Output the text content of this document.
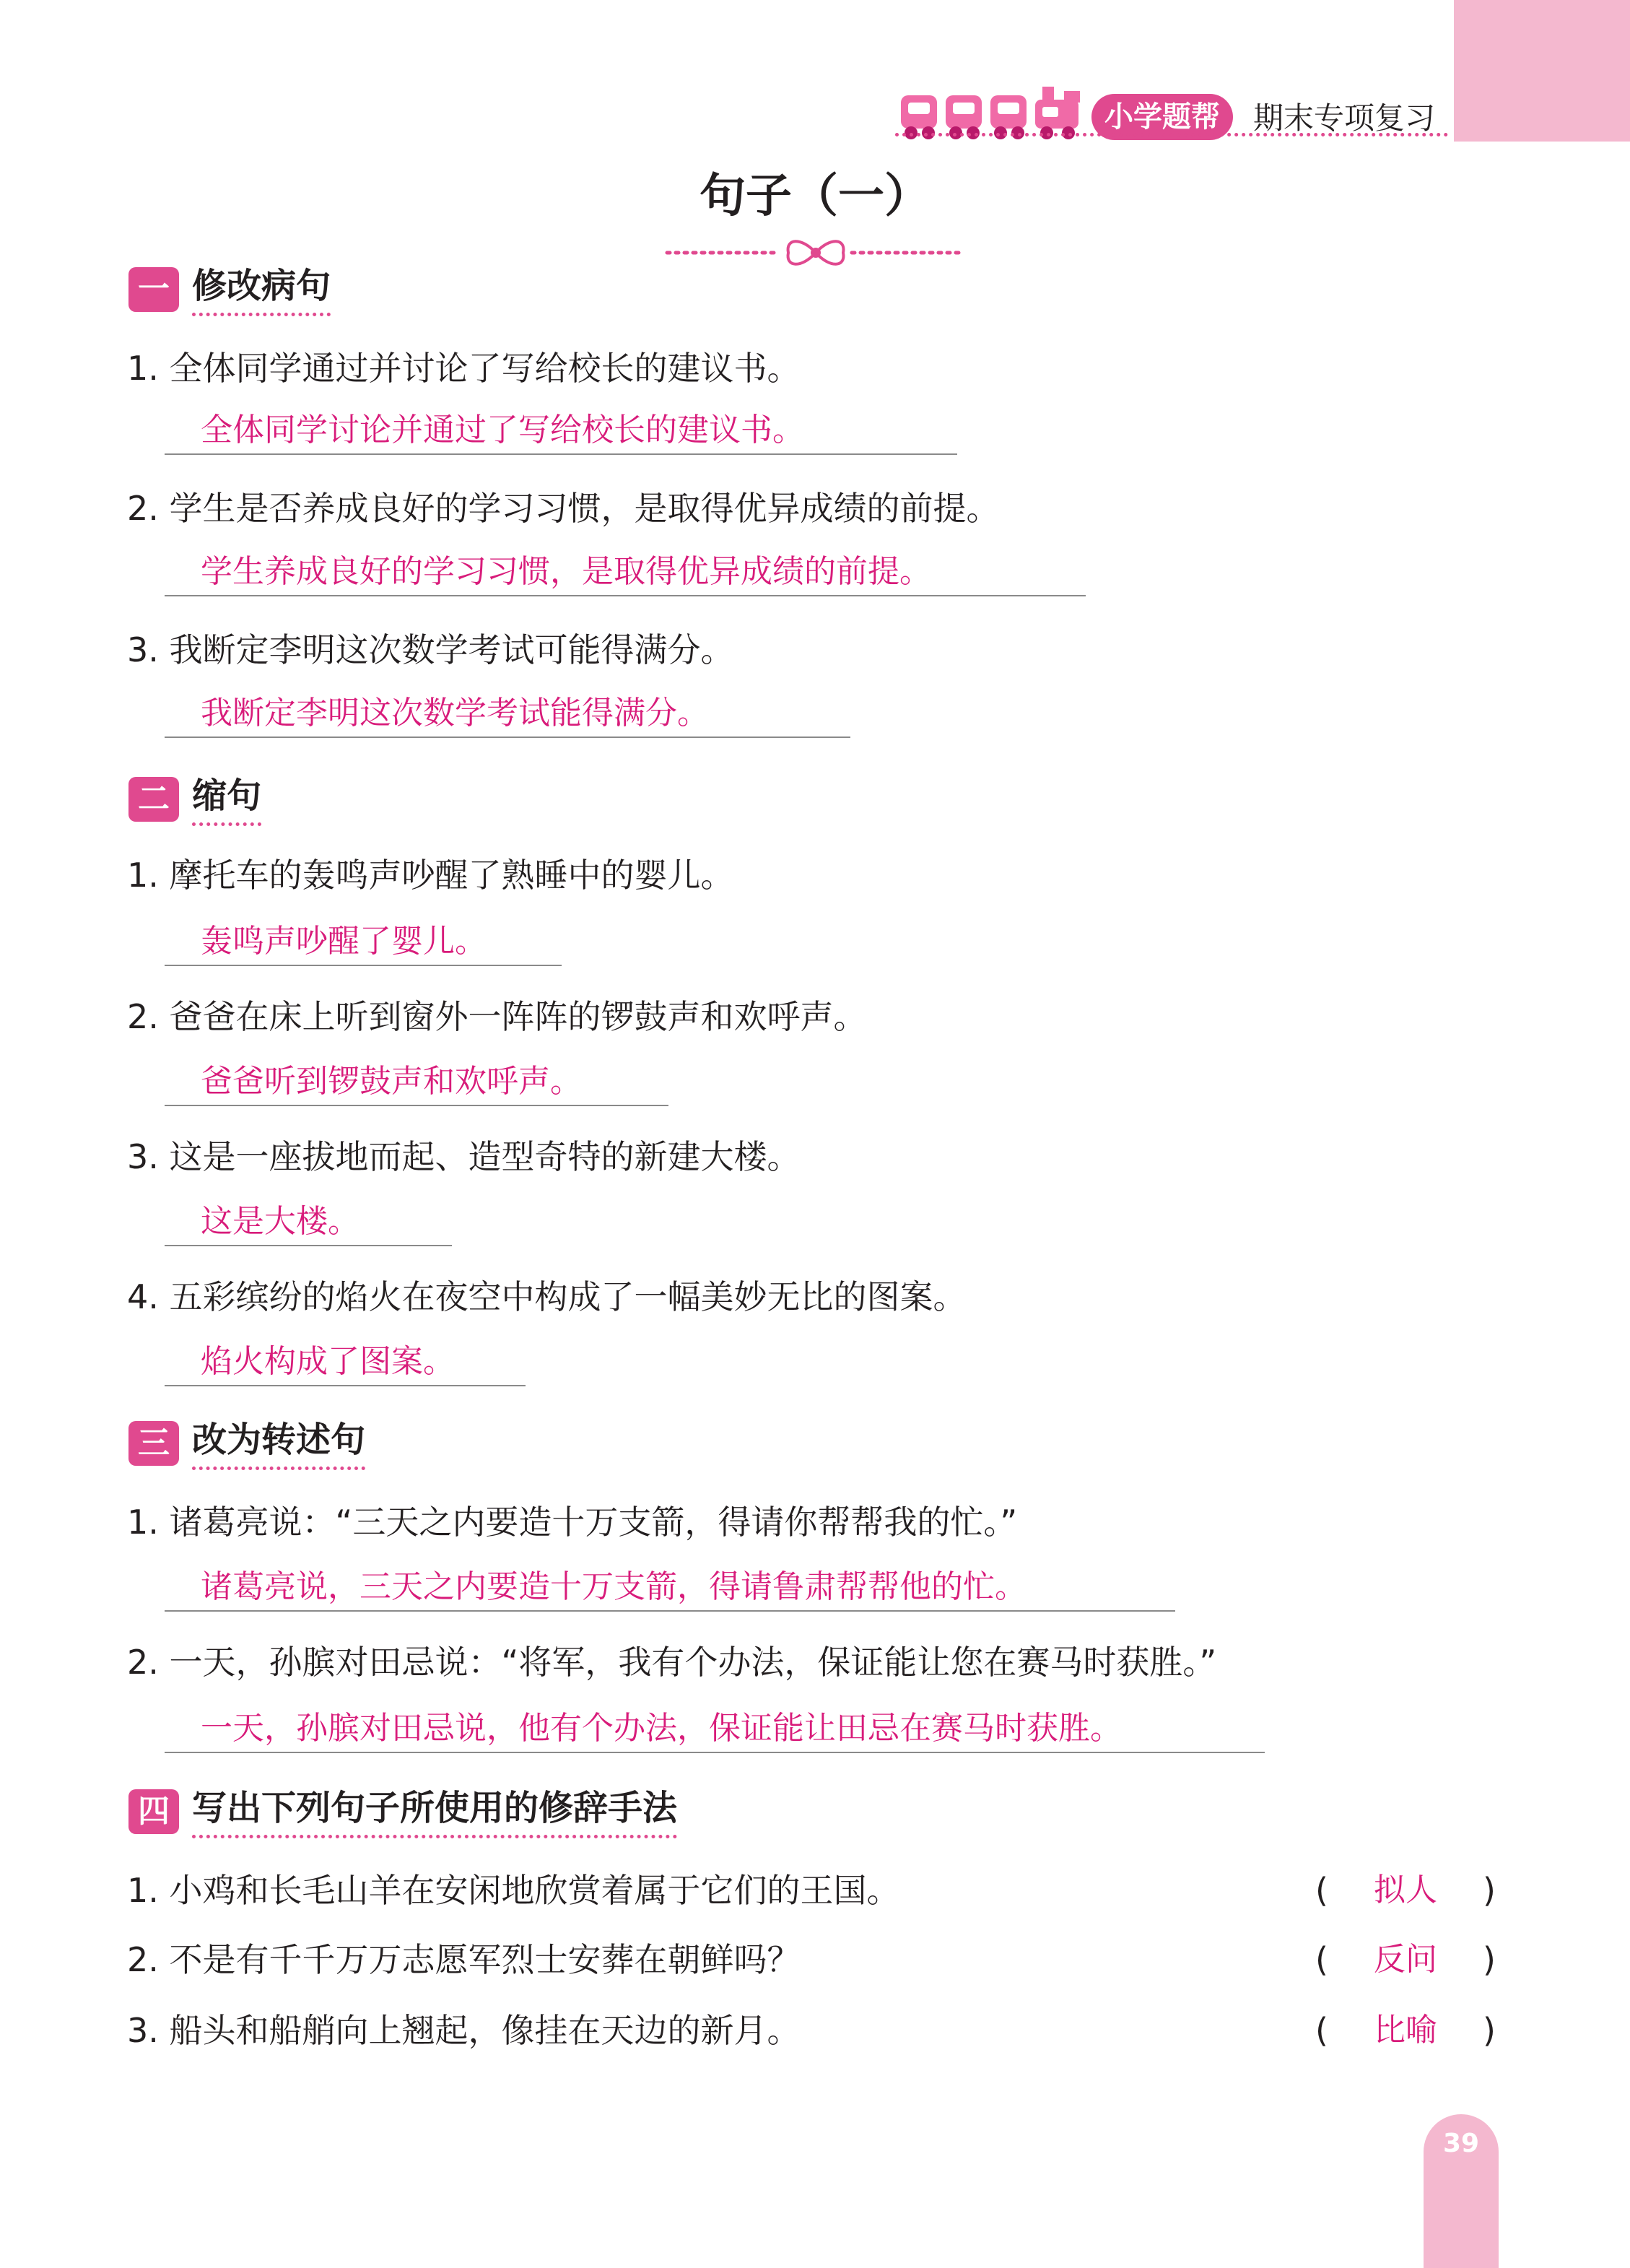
小学题帮	期末专项复习
句子（一）
一 修改病句
1. 全体同学通过并讨论了写给校长的建议书。
全体同学讨论并通过了写给校长的建议书。
2. 学生是否养成良好的学习习惯，是取得优异成绩的前提。
学生养成良好的学习习惯，是取得优异成绩的前提。
3. 我断定李明这次数学考试可能得满分。
我断定李明这次数学考试能得满分。
二 缩句
1. 摩托车的轰鸣声吵醒了熟睡中的婴儿。
轰鸣声吵醒了婴儿。
2. 爸爸在床上听到窗外一阵阵的锣鼓声和欢呼声。
爸爸听到锣鼓声和欢呼声。
3. 这是一座拔地而起、造型奇特的新建大楼。
这是大楼。
4. 五彩缤纷的焰火在夜空中构成了一幅美妙无比的图案。
焰火构成了图案。
三 改为转述句
1. 诸葛亮说：“三天之内要造十万支箭，得请你帮帮我的忙。”
诸葛亮说，三天之内要造十万支箭，得请鲁肃帮帮他的忙。
2. 一天，孙膑对田忌说：“将军，我有个办法，保证能让您在赛马时获胜。”
一天，孙膑对田忌说，他有个办法，保证能让田忌在赛马时获胜。
四 写出下列句子所使用的修辞手法
1. 小鸡和长毛山羊在安闲地欣赏着属于它们的王国。	(	拟人	)
2. 不是有千千万万志愿军烈士安葬在朝鲜吗？	(	反问	)
3. 船头和船艄向上翘起，像挂在天边的新月。	(	比喻	)
39
